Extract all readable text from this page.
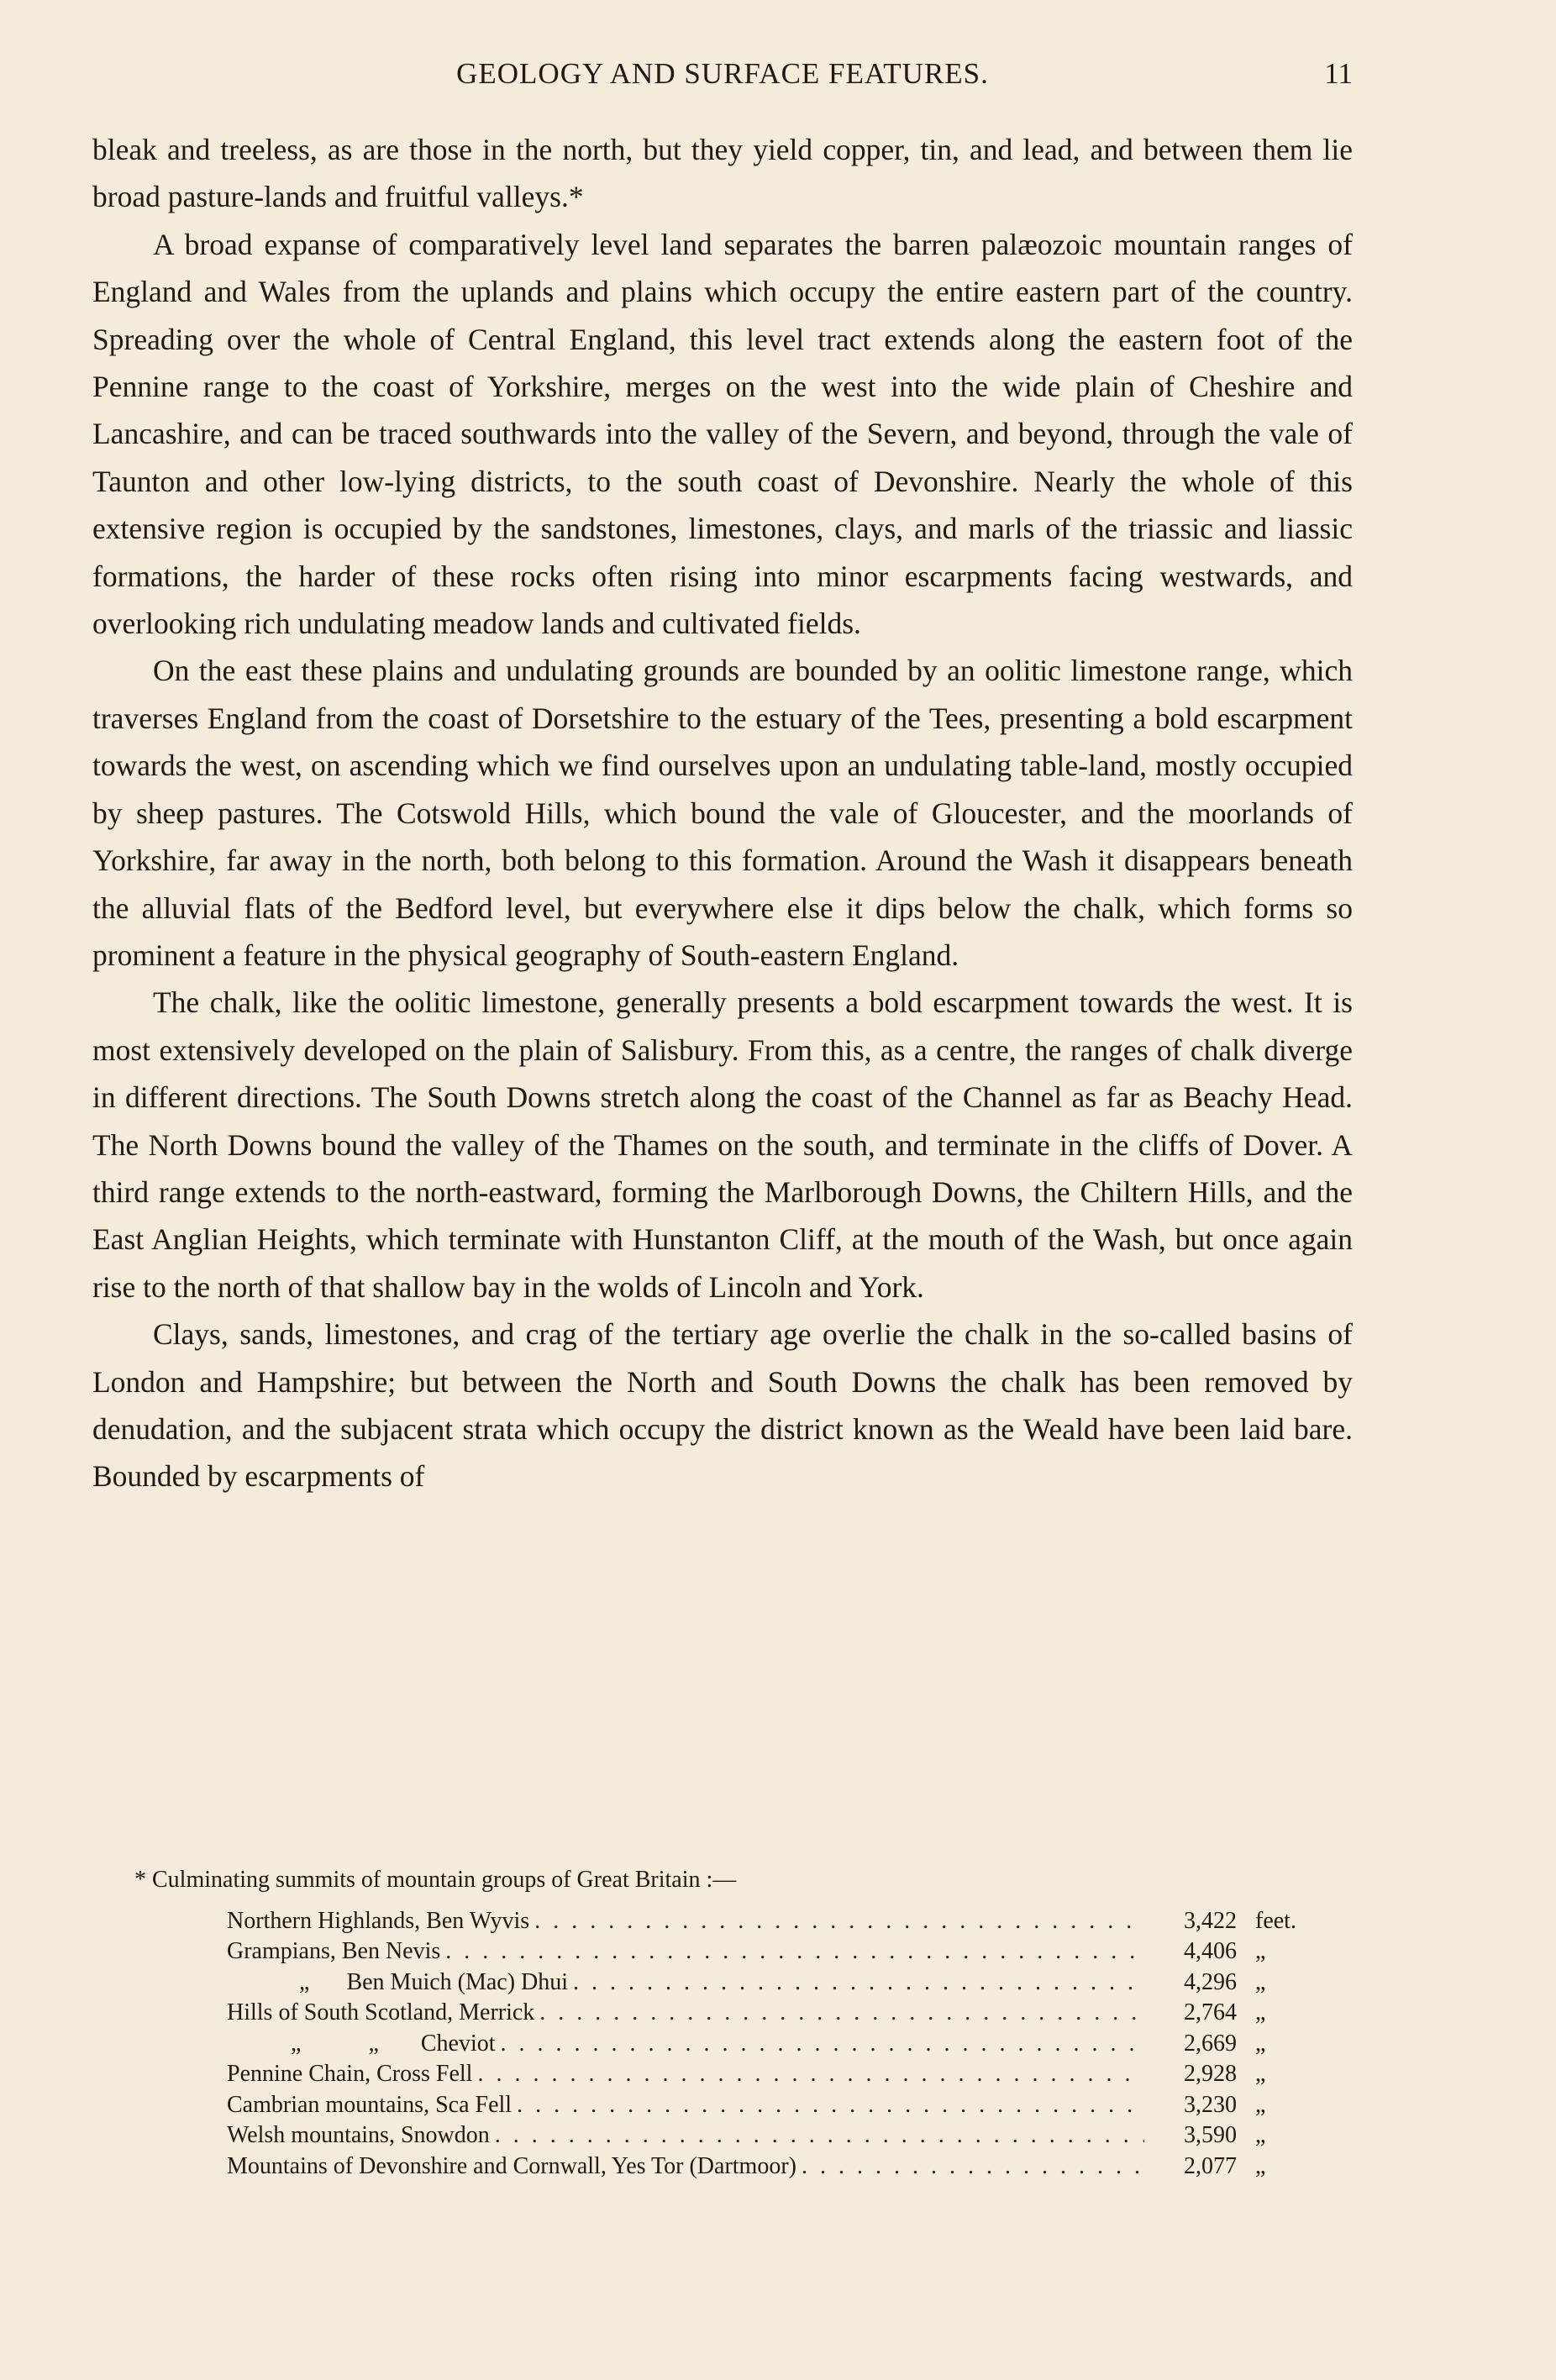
GEOLOGY AND SURFACE FEATURES.	11

bleak and treeless, as are those in the north, but they yield copper, tin, and lead, and between them lie broad pasture-lands and fruitful valleys.*

A broad expanse of comparatively level land separates the barren palæozoic mountain ranges of England and Wales from the uplands and plains which occupy the entire eastern part of the country. Spreading over the whole of Central England, this level tract extends along the eastern foot of the Pennine range to the coast of Yorkshire, merges on the west into the wide plain of Cheshire and Lancashire, and can be traced southwards into the valley of the Severn, and beyond, through the vale of Taunton and other low-lying districts, to the south coast of Devonshire. Nearly the whole of this extensive region is occupied by the sandstones, limestones, clays, and marls of the triassic and liassic formations, the harder of these rocks often rising into minor escarpments facing westwards, and overlooking rich undulating meadow lands and cultivated fields.

On the east these plains and undulating grounds are bounded by an oolitic limestone range, which traverses England from the coast of Dorsetshire to the estuary of the Tees, presenting a bold escarpment towards the west, on ascending which we find ourselves upon an undulating table-land, mostly occupied by sheep pastures. The Cotswold Hills, which bound the vale of Gloucester, and the moorlands of Yorkshire, far away in the north, both belong to this formation. Around the Wash it disappears beneath the alluvial flats of the Bedford level, but everywhere else it dips below the chalk, which forms so prominent a feature in the physical geography of South-eastern England.

The chalk, like the oolitic limestone, generally presents a bold escarpment towards the west. It is most extensively developed on the plain of Salisbury. From this, as a centre, the ranges of chalk diverge in different directions. The South Downs stretch along the coast of the Channel as far as Beachy Head. The North Downs bound the valley of the Thames on the south, and terminate in the cliffs of Dover. A third range extends to the north-eastward, forming the Marlborough Downs, the Chiltern Hills, and the East Anglian Heights, which terminate with Hunstanton Cliff, at the mouth of the Wash, but once again rise to the north of that shallow bay in the wolds of Lincoln and York.

Clays, sands, limestones, and crag of the tertiary age overlie the chalk in the so-called basins of London and Hampshire; but between the North and South Downs the chalk has been removed by denudation, and the subjacent strata which occupy the district known as the Weald have been laid bare. Bounded by escarpments of

* Culminating summits of mountain groups of Great Britain :—

Northern Highlands, Ben Wyvis . . .	3,422 feet.
Grampians, Ben Nevis . . .	4,406 „
„ Ben Muich (Mac) Dhui . . .	4,296 „
Hills of South Scotland, Merrick . . .	2,764 „
„	„ Cheviot . . .	2,669 „
Pennine Chain, Cross Fell . . .	2,928 „
Cambrian mountains, Sca Fell . . .	3,230 „
Welsh mountains, Snowdon . . .	3,590 „
Mountains of Devonshire and Cornwall, Yes Tor (Dartmoor) . . .	2,077 „
